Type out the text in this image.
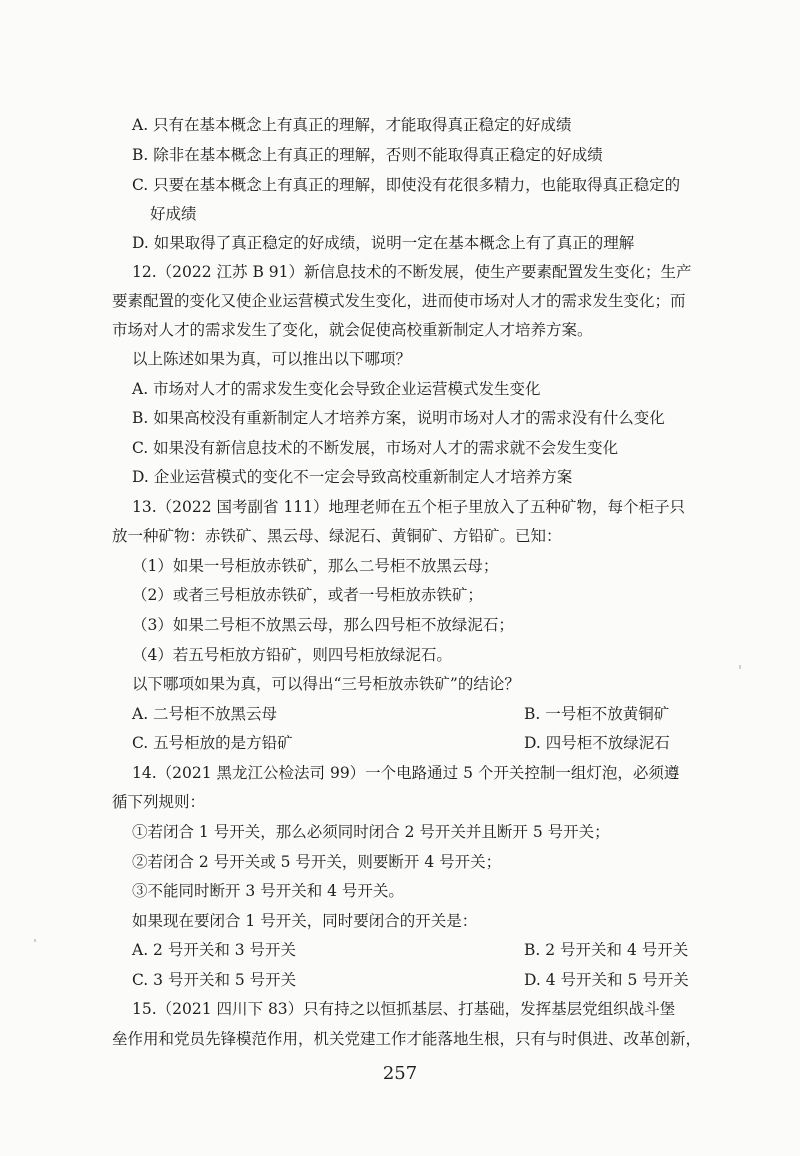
A. 只有在基本概念上有真正的理解，才能取得真正稳定的好成绩
B. 除非在基本概念上有真正的理解，否则不能取得真正稳定的好成绩
C. 只要在基本概念上有真正的理解，即使没有花很多精力，也能取得真正稳定的
好成绩
D. 如果取得了真正稳定的好成绩，说明一定在基本概念上有了真正的理解
12.（2022 江苏 B 91）新信息技术的不断发展，使生产要素配置发生变化；生产
要素配置的变化又使企业运营模式发生变化，进而使市场对人才的需求发生变化；而
市场对人才的需求发生了变化，就会促使高校重新制定人才培养方案。
以上陈述如果为真，可以推出以下哪项？
A. 市场对人才的需求发生变化会导致企业运营模式发生变化
B. 如果高校没有重新制定人才培养方案，说明市场对人才的需求没有什么变化
C. 如果没有新信息技术的不断发展，市场对人才的需求就不会发生变化
D. 企业运营模式的变化不一定会导致高校重新制定人才培养方案
13.（2022 国考副省 111）地理老师在五个柜子里放入了五种矿物，每个柜子只
放一种矿物：赤铁矿、黑云母、绿泥石、黄铜矿、方铅矿。已知：
（1）如果一号柜放赤铁矿，那么二号柜不放黑云母；
（2）或者三号柜放赤铁矿，或者一号柜放赤铁矿；
（3）如果二号柜不放黑云母，那么四号柜不放绿泥石；
（4）若五号柜放方铅矿，则四号柜放绿泥石。
以下哪项如果为真，可以得出“三号柜放赤铁矿”的结论？
A. 二号柜不放黑云母	B. 一号柜不放黄铜矿
C. 五号柜放的是方铅矿	D. 四号柜不放绿泥石
14.（2021 黑龙江公检法司 99）一个电路通过 5 个开关控制一组灯泡，必须遵
循下列规则：
①若闭合 1 号开关，那么必须同时闭合 2 号开关并且断开 5 号开关；
②若闭合 2 号开关或 5 号开关，则要断开 4 号开关；
③不能同时断开 3 号开关和 4 号开关。
如果现在要闭合 1 号开关，同时要闭合的开关是：
A. 2 号开关和 3 号开关	B. 2 号开关和 4 号开关
C. 3 号开关和 5 号开关	D. 4 号开关和 5 号开关
15.（2021 四川下 83）只有持之以恒抓基层、打基础，发挥基层党组织战斗堡
垒作用和党员先锋模范作用，机关党建工作才能落地生根，只有与时俱进、改革创新，
257
